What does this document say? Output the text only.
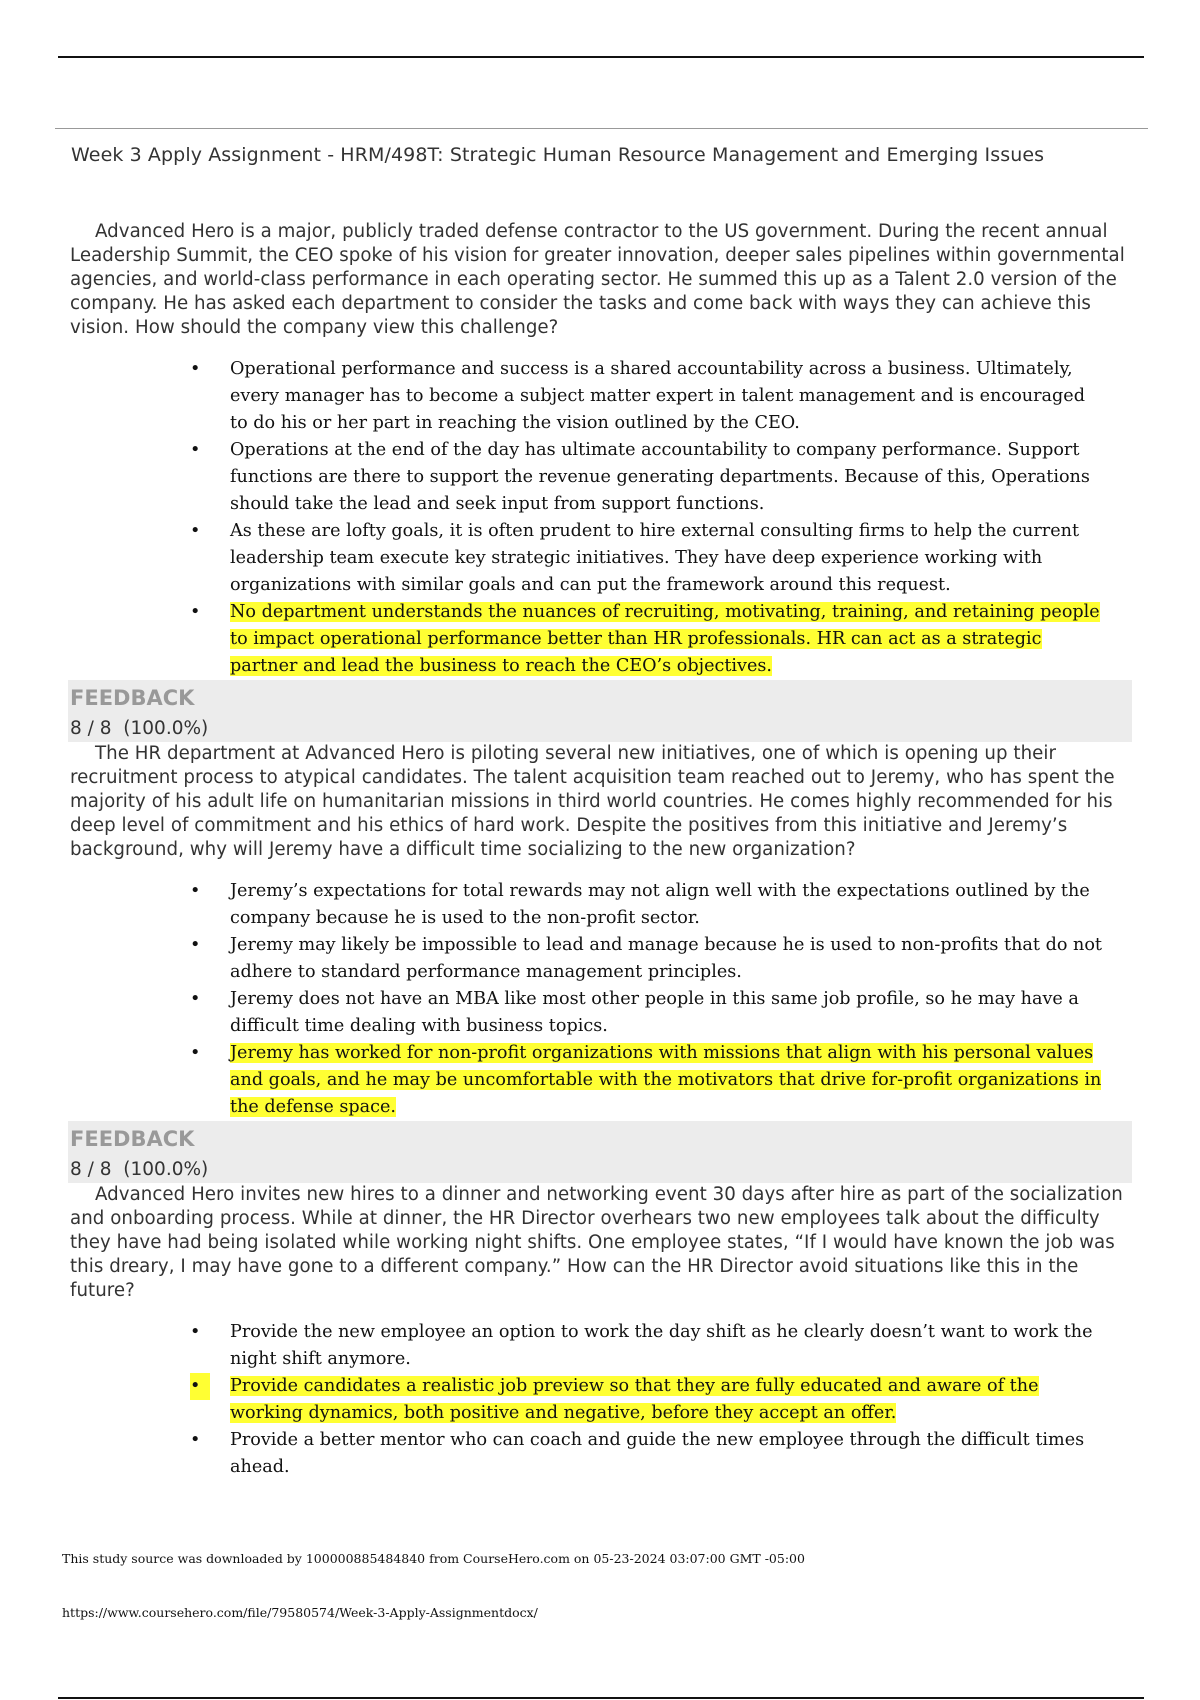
Week 3 Apply Assignment - HRM/498T: Strategic Human Resource Management and Emerging Issues

Advanced Hero is a major, publicly traded defense contractor to the US government. During the recent annual Leadership Summit, the CEO spoke of his vision for greater innovation, deeper sales pipelines within governmental agencies, and world-class performance in each operating sector. He summed this up as a Talent 2.0 version of the company. He has asked each department to consider the tasks and come back with ways they can achieve this vision. How should the company view this challenge?

•	Operational performance and success is a shared accountability across a business. Ultimately, every manager has to become a subject matter expert in talent management and is encouraged to do his or her part in reaching the vision outlined by the CEO.
•	Operations at the end of the day has ultimate accountability to company performance. Support functions are there to support the revenue generating departments. Because of this, Operations should take the lead and seek input from support functions.
•	As these are lofty goals, it is often prudent to hire external consulting firms to help the current leadership team execute key strategic initiatives. They have deep experience working with organizations with similar goals and can put the framework around this request.
•	No department understands the nuances of recruiting, motivating, training, and retaining people to impact operational performance better than HR professionals. HR can act as a strategic partner and lead the business to reach the CEO’s objectives.
FEEDBACK
8 / 8  (100.0%)

The HR department at Advanced Hero is piloting several new initiatives, one of which is opening up their recruitment process to atypical candidates. The talent acquisition team reached out to Jeremy, who has spent the majority of his adult life on humanitarian missions in third world countries. He comes highly recommended for his deep level of commitment and his ethics of hard work. Despite the positives from this initiative and Jeremy’s background, why will Jeremy have a difficult time socializing to the new organization?

•	Jeremy’s expectations for total rewards may not align well with the expectations outlined by the company because he is used to the non-profit sector.
•	Jeremy may likely be impossible to lead and manage because he is used to non-profits that do not adhere to standard performance management principles.
•	Jeremy does not have an MBA like most other people in this same job profile, so he may have a difficult time dealing with business topics.
•	Jeremy has worked for non-profit organizations with missions that align with his personal values and goals, and he may be uncomfortable with the motivators that drive for-profit organizations in the defense space.
FEEDBACK
8 / 8  (100.0%)

Advanced Hero invites new hires to a dinner and networking event 30 days after hire as part of the socialization and onboarding process. While at dinner, the HR Director overhears two new employees talk about the difficulty they have had being isolated while working night shifts. One employee states, “If I would have known the job was this dreary, I may have gone to a different company.” How can the HR Director avoid situations like this in the future?

•	Provide the new employee an option to work the day shift as he clearly doesn’t want to work the night shift anymore.
•	Provide candidates a realistic job preview so that they are fully educated and aware of the working dynamics, both positive and negative, before they accept an offer.
•	Provide a better mentor who can coach and guide the new employee through the difficult times ahead.
This study source was downloaded by 100000885484840 from CourseHero.com on 05-23-2024 03:07:00 GMT -05:00
https://www.coursehero.com/file/79580574/Week-3-Apply-Assignmentdocx/
